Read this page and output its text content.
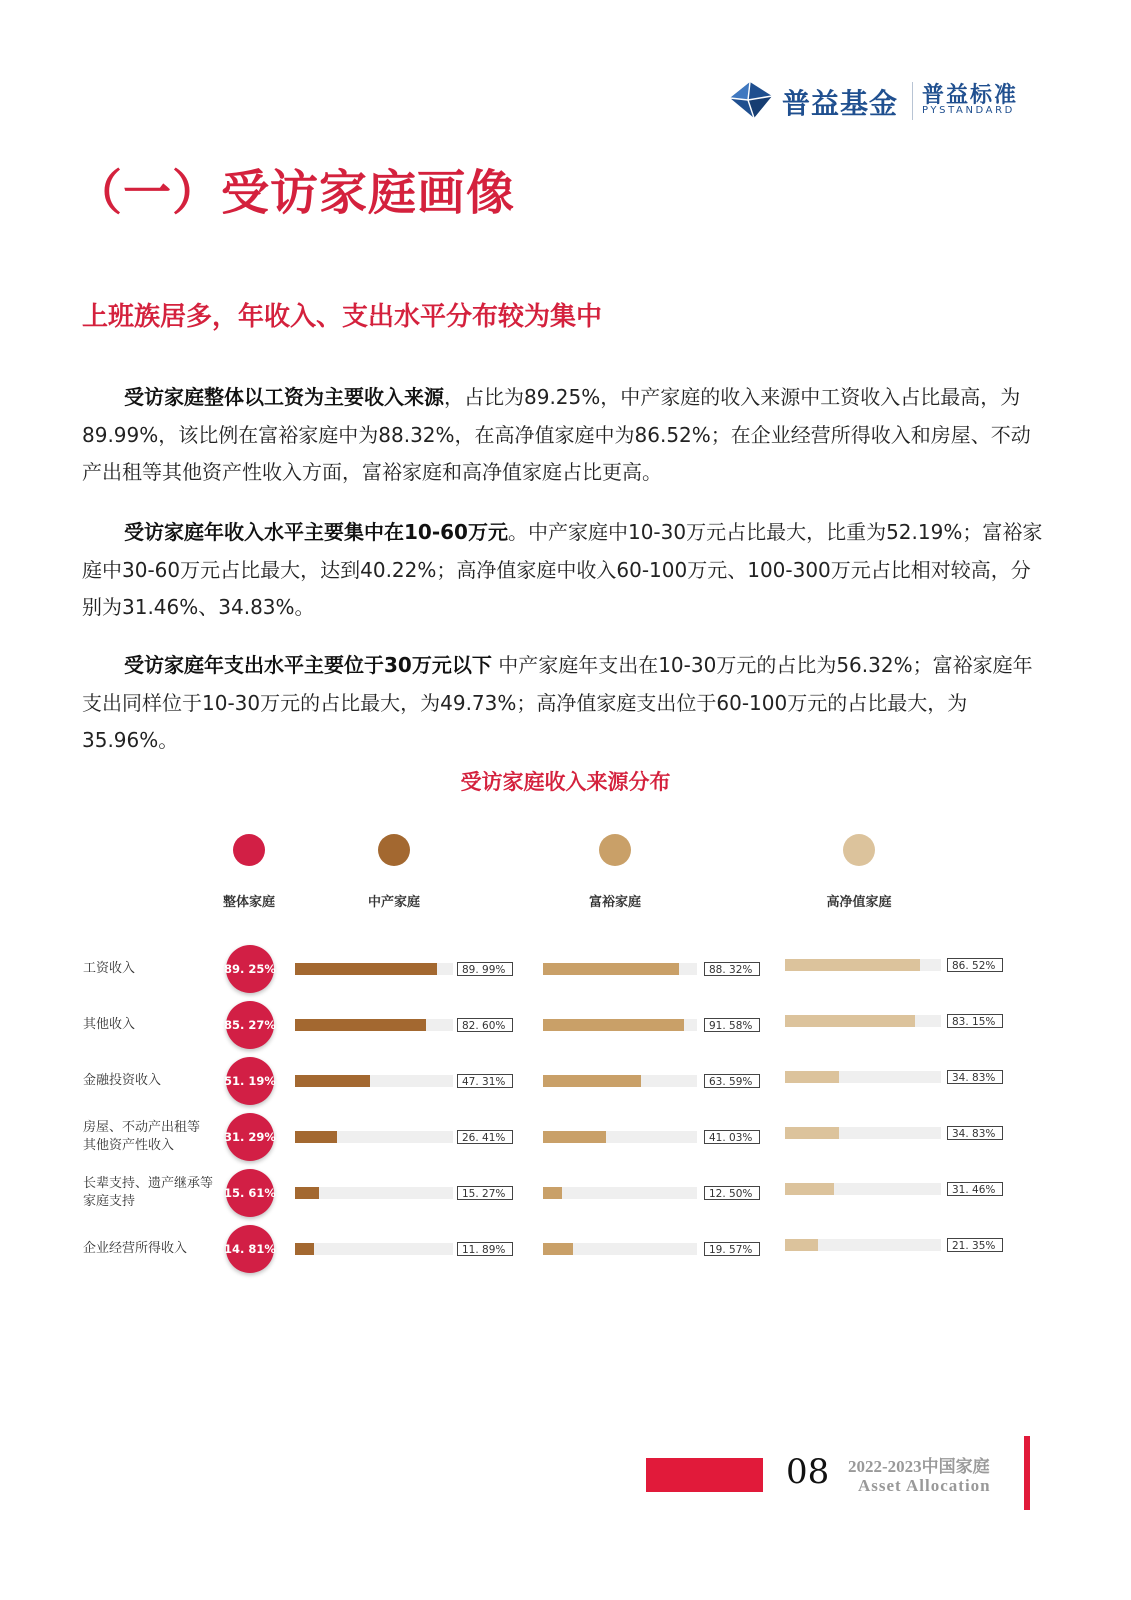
普益基金 普益标准
PYSTANDARD
（一）受访家庭画像
上班族居多，年收入、支出水平分布较为集中
受访家庭整体以工资为主要收入来源，占比为89.25%，中产家庭的收入来源中工资收入占比最高，为89.99%，该比例在富裕家庭中为88.32%，在高净值家庭中为86.52%；在企业经营所得收入和房屋、不动产出租等其他资产性收入方面，富裕家庭和高净值家庭占比更高。
受访家庭年收入水平主要集中在10-60万元。中产家庭中10-30万元占比最大，比重为52.19%；富裕家庭中30-60万元占比最大，达到40.22%；高净值家庭中收入60-100万元、100-300万元占比相对较高，分别为31.46%、34.83%。
受访家庭年支出水平主要位于30万元以下 中产家庭年支出在10-30万元的占比为56.32%；富裕家庭年支出同样位于10-30万元的占比最大，为49.73%；高净值家庭支出位于60-100万元的占比最大，为35.96%。
受访家庭收入来源分布
整体家庭	中产家庭	富裕家庭	高净值家庭
工资收入	89. 25%	89. 99%	88. 32%	86. 52%
其他收入	85. 27%	82. 60%	91. 58%	83. 15%
金融投资收入	51. 19%	47. 31%	63. 59%	34. 83%
房屋、不动产出租等
其他资产性收入
31. 29%	26. 41%	41. 03%	34. 83%
长辈支持、遗产继承等
家庭支持
15. 61%	15. 27%	12. 50%	31. 46%
企业经营所得收入	14. 81%	11. 89%	19. 57%	21. 35%
08 2022-2023中国家庭
Asset Allocation
